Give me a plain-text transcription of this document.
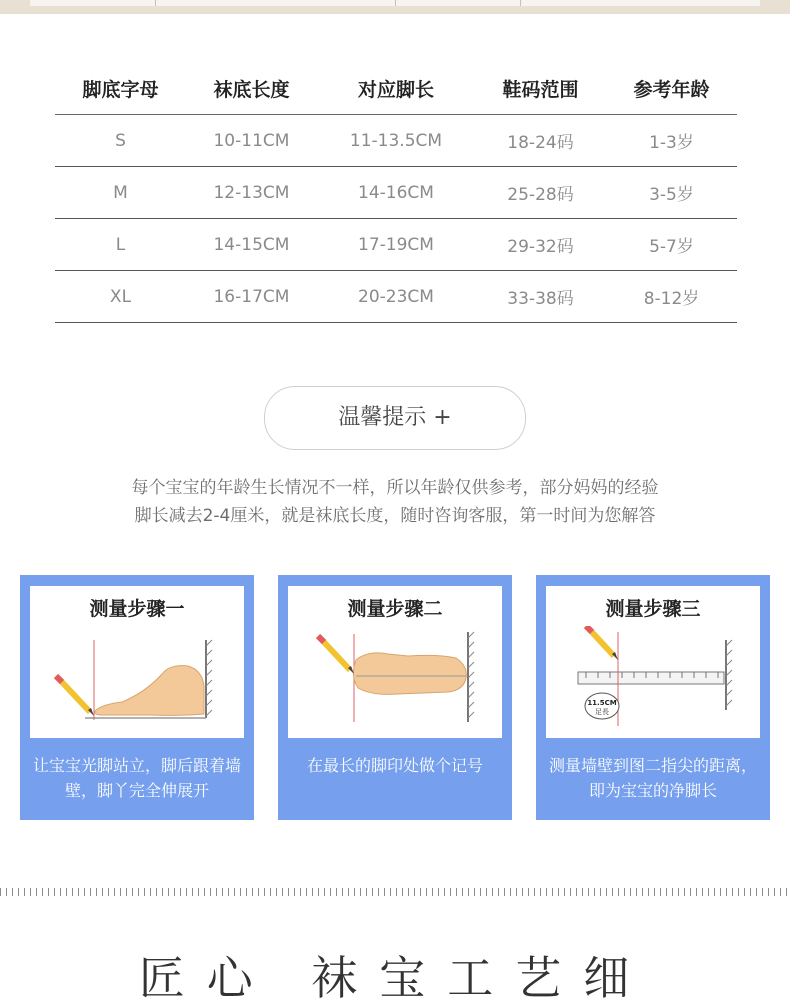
脚底字母	袜底长度	对应脚长	鞋码范围	参考年龄
S	10-11CM	11-13.5CM	18-24码	1-3岁
M	12-13CM	14-16CM	25-28码	3-5岁
L	14-15CM	17-19CM	29-32码	5-7岁
XL	16-17CM	20-23CM	33-38码	8-12岁
温馨提示 +
每个宝宝的年龄生长情况不一样，所以年龄仅供参考，部分妈妈的经验
脚长减去2-4厘米，就是袜底长度，随时咨询客服，第一时间为您解答
测量步骤一
让宝宝光脚站立，脚后跟着墙壁，脚丫完全伸展开
测量步骤二
在最长的脚印处做个记号
测量步骤三
11.5CM
足長
测量墙壁到图二指尖的距离，即为宝宝的净脚长
匠心 袜宝工艺细
